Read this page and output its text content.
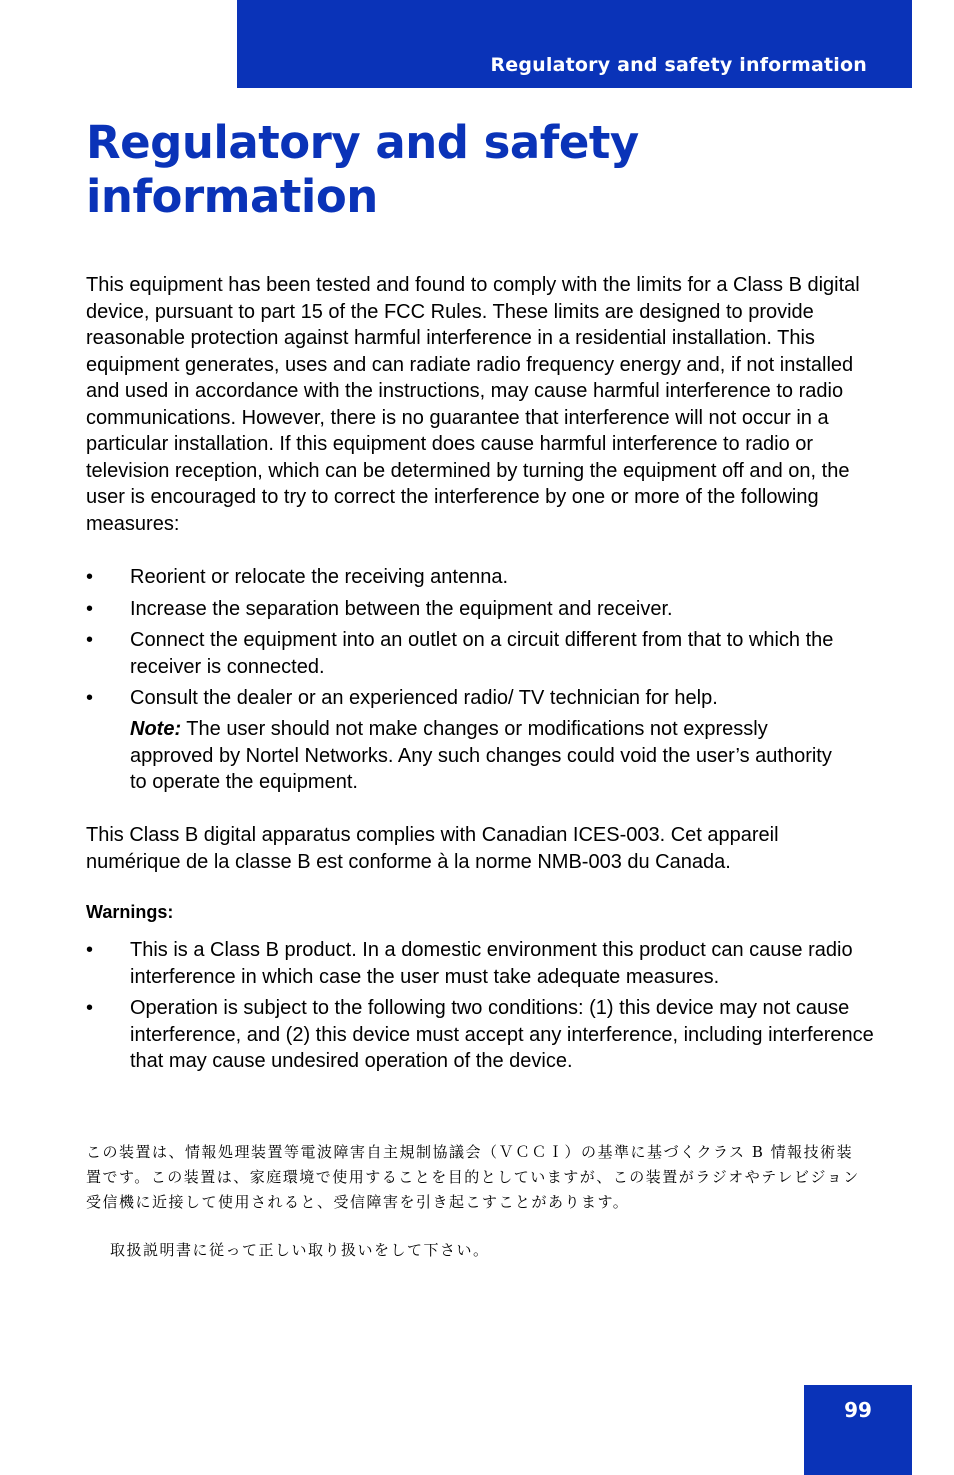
Regulatory and safety information
Regulatory and safety information

This equipment has been tested and found to comply with the limits for a Class B digital device, pursuant to part 15 of the FCC Rules. These limits are designed to provide reasonable protection against harmful interference in a residential installation. This equipment generates, uses and can radiate radio frequency energy and, if not installed and used in accordance with the instructions, may cause harmful interference to radio communications. However, there is no guarantee that interference will not occur in a particular installation. If this equipment does cause harmful interference to radio or television reception, which can be determined by turning the equipment off and on, the user is encouraged to try to correct the interference by one or more of the following measures:

• Reorient or relocate the receiving antenna.
• Increase the separation between the equipment and receiver.
• Connect the equipment into an outlet on a circuit different from that to which the receiver is connected.
• Consult the dealer or an experienced radio/ TV technician for help.

Note: The user should not make changes or modifications not expressly approved by Nortel Networks. Any such changes could void the user’s authority to operate the equipment.

This Class B digital apparatus complies with Canadian ICES-003. Cet appareil numérique de la classe B est conforme à la norme NMB-003 du Canada.

Warnings:

• This is a Class B product. In a domestic environment this product can cause radio interference in which case the user must take adequate measures.
• Operation is subject to the following two conditions: (1) this device may not cause interference, and (2) this device must accept any interference, including interference that may cause undesired operation of the device.

この装置は、情報処理装置等電波障害自主規制協議会（ＶＣＣＩ）の基準に基づくクラス B 情報技術装置です。この装置は、家庭環境で使用することを目的としていますが、この装置がラジオやテレビジョン受信機に近接して使用されると、受信障害を引き起こすことがあります。

取扱説明書に従って正しい取り扱いをして下さい。

99
